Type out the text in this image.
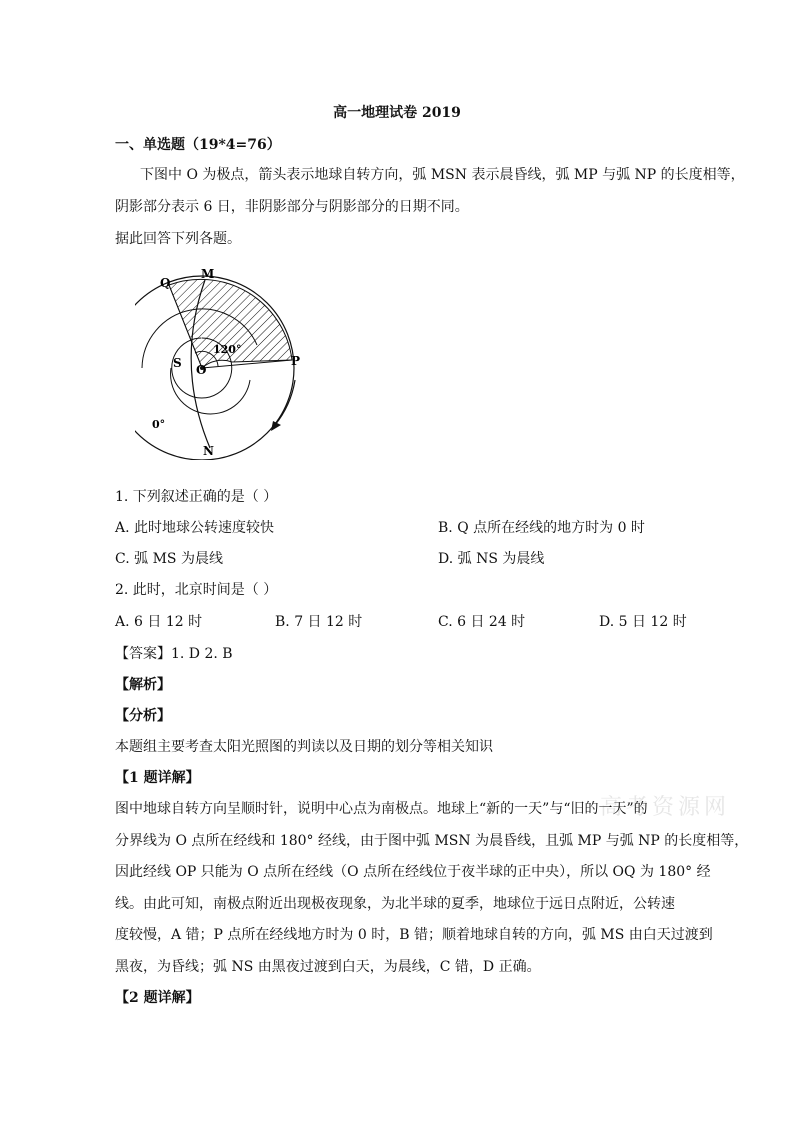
高一地理试卷 2019
一、单选题（19*4=76）
下图中 O 为极点，箭头表示地球自转方向，弧 MSN 表示晨昏线，弧 MP 与弧 NP 的长度相等，
阴影部分表示 6 日，非阴影部分与阴影部分的日期不同。
据此回答下列各题。
Q
M
P
S O
120°
0°
N
1. 下列叙述正确的是（ ）
A. 此时地球公转速度较快	B. Q 点所在经线的地方时为 0 时
C. 弧 MS 为晨线	D. 弧 NS 为晨线
2. 此时，北京时间是（ ）
A. 6 日 12 时	B. 7 日 12 时	C. 6 日 24 时	D. 5 日 12 时
【答案】1. D 2. B
【解析】
【分析】
本题组主要考查太阳光照图的判读以及日期的划分等相关知识
【1 题详解】
高考资源网
图中地球自转方向呈顺时针，说明中心点为南极点。地球上“新的一天”与“旧的一天”的
分界线为 O 点所在经线和 180° 经线，由于图中弧 MSN 为晨昏线，且弧 MP 与弧 NP 的长度相等，
因此经线 OP 只能为 O 点所在经线（O 点所在经线位于夜半球的正中央），所以 OQ 为 180° 经
线。由此可知，南极点附近出现极夜现象，为北半球的夏季，地球位于远日点附近，公转速
度较慢，A 错；P 点所在经线地方时为 0 时，B 错；顺着地球自转的方向，弧 MS 由白天过渡到
黑夜，为昏线；弧 NS 由黑夜过渡到白天，为晨线，C 错，D 正确。
【2 题详解】
